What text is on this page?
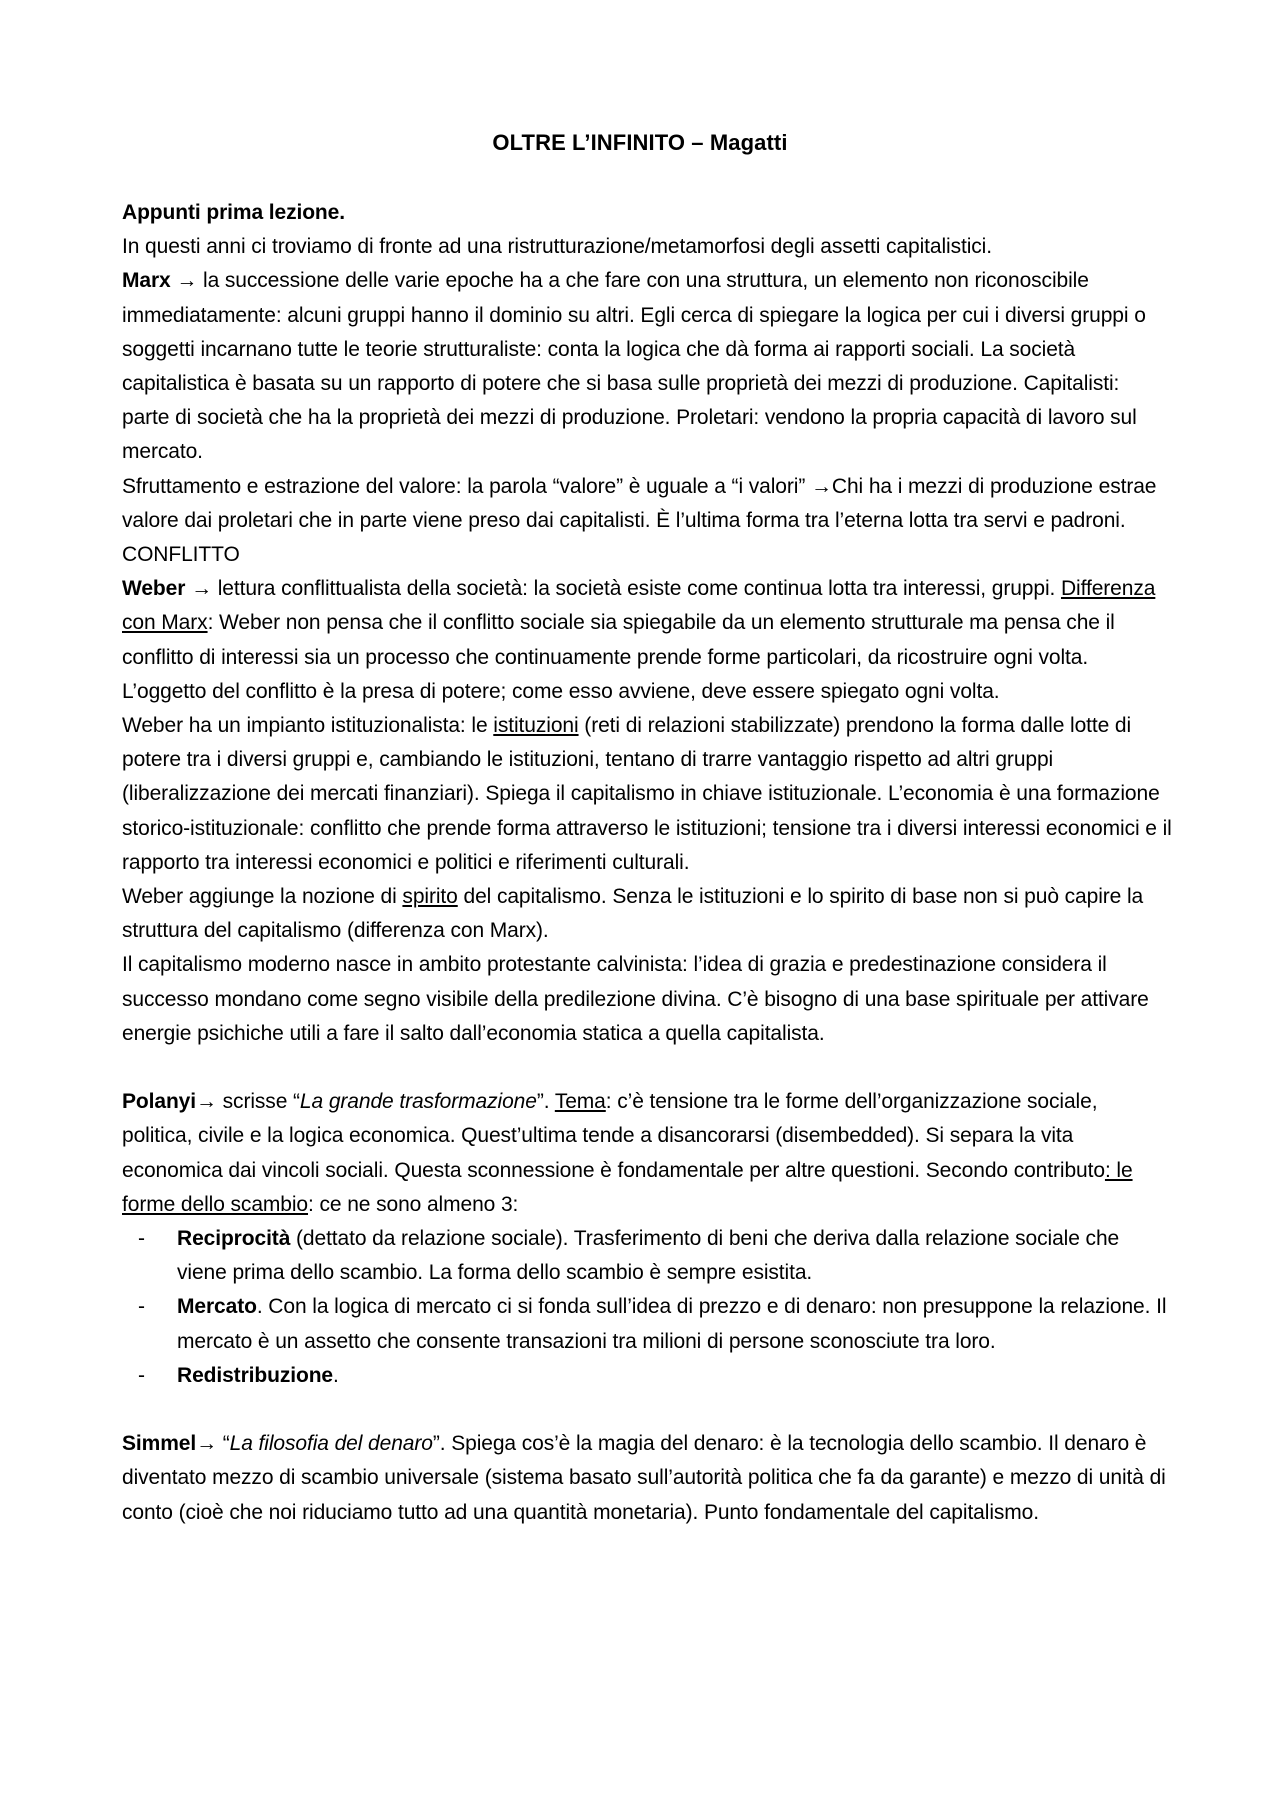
OLTRE L’INFINITO – Magatti

Appunti prima lezione.

In questi anni ci troviamo di fronte ad una ristrutturazione/metamorfosi degli assetti capitalistici.

Marx → la successione delle varie epoche ha a che fare con una struttura, un elemento non riconoscibile immediatamente: alcuni gruppi hanno il dominio su altri. Egli cerca di spiegare la logica per cui i diversi gruppi o soggetti incarnano tutte le teorie strutturaliste: conta la logica che dà forma ai rapporti sociali. La società capitalistica è basata su un rapporto di potere che si basa sulle proprietà dei mezzi di produzione. Capitalisti: parte di società che ha la proprietà dei mezzi di produzione. Proletari: vendono la propria capacità di lavoro sul mercato.

Sfruttamento e estrazione del valore: la parola “valore” è uguale a “i valori” →Chi ha i mezzi di produzione estrae valore dai proletari che in parte viene preso dai capitalisti. È l’ultima forma tra l’eterna lotta tra servi e padroni. CONFLITTO

Weber → lettura conflittualista della società: la società esiste come continua lotta tra interessi, gruppi. Differenza con Marx: Weber non pensa che il conflitto sociale sia spiegabile da un elemento strutturale ma pensa che il conflitto di interessi sia un processo che continuamente prende forme particolari, da ricostruire ogni volta. L’oggetto del conflitto è la presa di potere; come esso avviene, deve essere spiegato ogni volta.

Weber ha un impianto istituzionalista: le istituzioni (reti di relazioni stabilizzate) prendono la forma dalle lotte di potere tra i diversi gruppi e, cambiando le istituzioni, tentano di trarre vantaggio rispetto ad altri gruppi (liberalizzazione dei mercati finanziari). Spiega il capitalismo in chiave istituzionale. L’economia è una formazione storico-istituzionale: conflitto che prende forma attraverso le istituzioni; tensione tra i diversi interessi economici e il rapporto tra interessi economici e politici e riferimenti culturali.

Weber aggiunge la nozione di spirito del capitalismo. Senza le istituzioni e lo spirito di base non si può capire la struttura del capitalismo (differenza con Marx).

Il capitalismo moderno nasce in ambito protestante calvinista: l’idea di grazia e predestinazione considera il successo mondano come segno visibile della predilezione divina. C’è bisogno di una base spirituale per attivare energie psichiche utili a fare il salto dall’economia statica a quella capitalista.

Polanyi→ scrisse “La grande trasformazione”. Tema: c’è tensione tra le forme dell’organizzazione sociale, politica, civile e la logica economica. Quest’ultima tende a disancorarsi (disembedded). Si separa la vita economica dai vincoli sociali. Questa sconnessione è fondamentale per altre questioni. Secondo contributo: le forme dello scambio: ce ne sono almeno 3:

- Reciprocità (dettato da relazione sociale). Trasferimento di beni che deriva dalla relazione sociale che viene prima dello scambio. La forma dello scambio è sempre esistita.
- Mercato. Con la logica di mercato ci si fonda sull’idea di prezzo e di denaro: non presuppone la relazione. Il mercato è un assetto che consente transazioni tra milioni di persone sconosciute tra loro.
- Redistribuzione.

Simmel→ “La filosofia del denaro”. Spiega cos’è la magia del denaro: è la tecnologia dello scambio. Il denaro è diventato mezzo di scambio universale (sistema basato sull’autorità politica che fa da garante) e mezzo di unità di conto (cioè che noi riduciamo tutto ad una quantità monetaria). Punto fondamentale del capitalismo.
